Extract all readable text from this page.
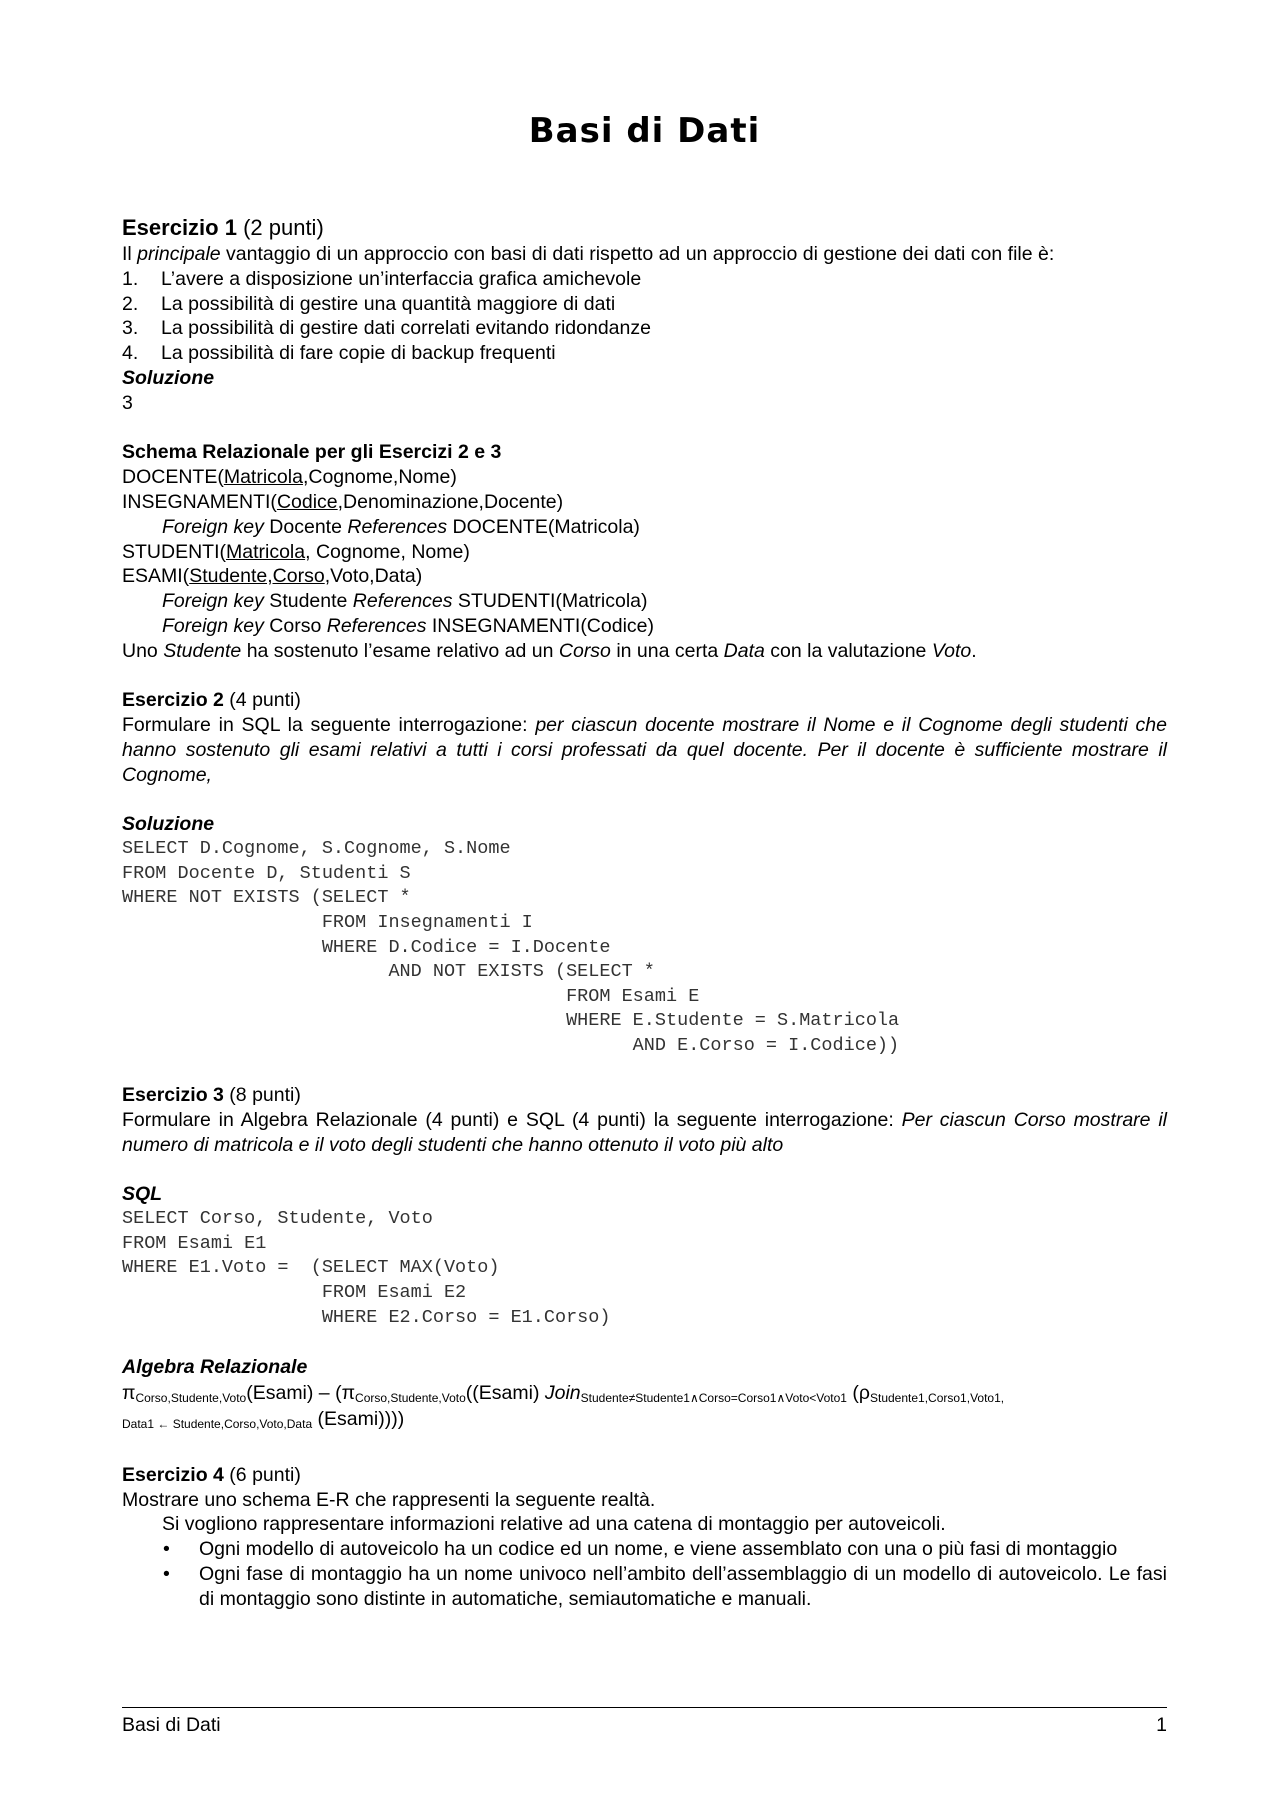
Basi di Dati

Esercizio 1 (2 punti)

Il principale vantaggio di un approccio con basi di dati rispetto ad un approccio di gestione dei dati con file è:

1. L’avere a disposizione un’interfaccia grafica amichevole
2. La possibilità di gestire una quantità maggiore di dati
3. La possibilità di gestire dati correlati evitando ridondanze
4. La possibilità di fare copie di backup frequenti

Soluzione

3

Schema Relazionale per gli Esercizi 2 e 3

DOCENTE(Matricola,Cognome,Nome)

INSEGNAMENTI(Codice,Denominazione,Docente)

Foreign key Docente References DOCENTE(Matricola)

STUDENTI(Matricola, Cognome, Nome)

ESAMI(Studente,Corso,Voto,Data)

Foreign key Studente References STUDENTI(Matricola)

Foreign key Corso References INSEGNAMENTI(Codice)

Uno Studente ha sostenuto l’esame relativo ad un Corso in una certa Data con la valutazione Voto.

Esercizio 2 (4 punti)

Formulare in SQL la seguente interrogazione: per ciascun docente mostrare il Nome e il Cognome degli studenti che hanno sostenuto gli esami relativi a tutti i corsi professati da quel docente. Per il docente è sufficiente mostrare il Cognome,

Soluzione

SELECT D.Cognome, S.Cognome, S.Nome
FROM Docente D, Studenti S
WHERE NOT EXISTS (SELECT *
FROM Insegnamenti I
WHERE D.Codice = I.Docente
AND NOT EXISTS (SELECT *
FROM Esami E
WHERE E.Studente = S.Matricola
AND E.Corso = I.Codice))

Esercizio 3 (8 punti)

Formulare in Algebra Relazionale (4 punti) e SQL (4 punti) la seguente interrogazione: Per ciascun Corso mostrare il numero di matricola e il voto degli studenti che hanno ottenuto il voto più alto

SQL

SELECT Corso, Studente, Voto
FROM Esami E1
WHERE E1.Voto =  (SELECT MAX(Voto)
FROM Esami E2
WHERE E2.Corso = E1.Corso)

Algebra Relazionale

$\pi_{Corso,Studente,Voto}(Esami)$ – ($\pi_{Corso,Studente,Voto}((Esami)$ Join$_{Studente\ne Studente1\wedge Corso=Corso1\wedge Voto<Voto1}$ ($\rho_{Studente1,Corso1,Voto1,}$

$_{Data1 \leftarrow Studente,Corso,Voto,Data}$ (Esami))))

Esercizio 4 (6 punti)

Mostrare uno schema E-R che rappresenti la seguente realtà.

Si vogliono rappresentare informazioni relative ad una catena di montaggio per autoveicoli.

• Ogni modello di autoveicolo ha un codice ed un nome, e viene assemblato con una o più fasi di montaggio
• Ogni fase di montaggio ha un nome univoco nell’ambito dell’assemblaggio di un modello di autoveicolo. Le fasi di montaggio sono distinte in automatiche, semiautomatiche e manuali.
Basi di Dati	1
